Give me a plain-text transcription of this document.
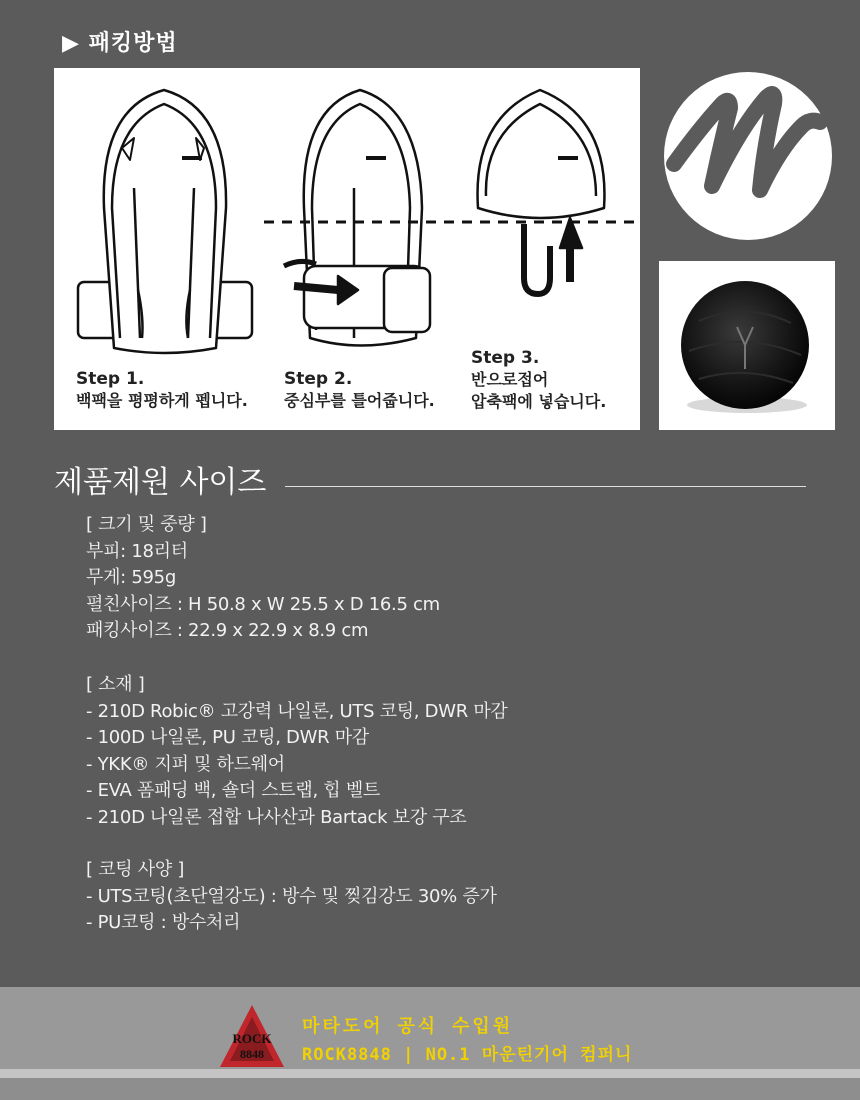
▶ 패킹방법
Step 1.
백팩을 평평하게 펩니다.
Step 2.
중심부를 틀어줍니다.
Step 3.
반으로접어
압축팩에 넣습니다.
제품제원 사이즈
[ 크기 및 중량 ]
부피: 18리터
무게: 595g
펼친사이즈 : H 50.8 x W 25.5 x D 16.5 cm
패킹사이즈 : 22.9 x 22.9 x 8.9 cm
[ 소재 ]
- 210D Robic® 고강력 나일론, UTS 코팅, DWR 마감
- 100D 나일론, PU 코팅, DWR 마감
- YKK® 지퍼 및 하드웨어
- EVA 폼패딩 백, 숄더 스트랩, 힙 벨트
- 210D 나일론 접합 나사산과 Bartack 보강 구조
[ 코팅 사양 ]
- UTS코팅(초단열강도) : 방수 및 찢김강도 30% 증가
- PU코팅 : 방수처리
ROCK
8848
마타도어 공식 수입원
ROCK8848 | NO.1 마운틴기어 컴퍼니
